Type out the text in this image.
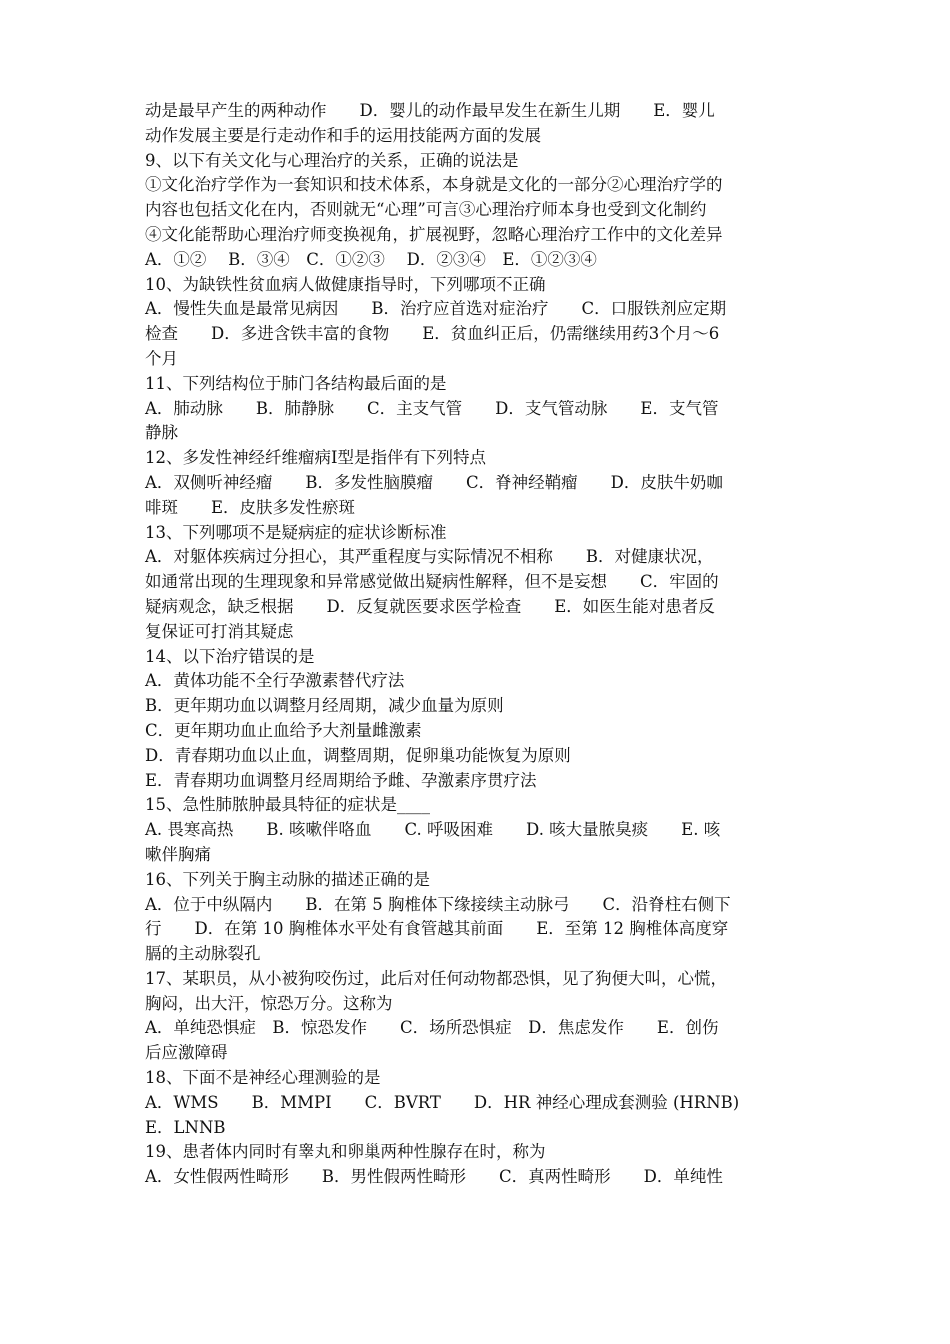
动是最早产生的两种动作　　D．婴儿的动作最早发生在新生儿期　　E．婴儿

动作发展主要是行走动作和手的运用技能两方面的发展

9、以下有关文化与心理治疗的关系，正确的说法是

①文化治疗学作为一套知识和技术体系，本身就是文化的一部分②心理治疗学的

内容也包括文化在内，否则就无“心理”可言③心理治疗师本身也受到文化制约

④文化能帮助心理治疗师变换视角，扩展视野，忽略心理治疗工作中的文化差异

A．①②　 B．③④　C．①②③　 D．②③④　E．①②③④

10、为缺铁性贫血病人做健康指导时，下列哪项不正确

A．慢性失血是最常见病因　　B．治疗应首选对症治疗　　C．口服铁剂应定期

检查　　D．多进含铁丰富的食物　　E．贫血纠正后，仍需继续用药3个月～6

个月

11、下列结构位于肺门各结构最后面的是

A．肺动脉　　B．肺静脉　　C．主支气管　　D．支气管动脉　　E．支气管

静脉

12、多发性神经纤维瘤病Ⅰ型是指伴有下列特点

A．双侧听神经瘤　　B．多发性脑膜瘤　　C．脊神经鞘瘤　　D．皮肤牛奶咖

啡斑　　E．皮肤多发性瘀斑

13、下列哪项不是疑病症的症状诊断标准

A．对躯体疾病过分担心，其严重程度与实际情况不相称　　B．对健康状况，

如通常出现的生理现象和异常感觉做出疑病性解释，但不是妄想　　C．牢固的

疑病观念，缺乏根据　　D．反复就医要求医学检查　　E．如医生能对患者反

复保证可打消其疑虑

14、以下治疗错误的是

A．黄体功能不全行孕激素替代疗法

B．更年期功血以调整月经周期，减少血量为原则

C．更年期功血止血给予大剂量雌激素

D．青春期功血以止血，调整周期，促卵巢功能恢复为原则

E．青春期功血调整月经周期给予雌、孕激素序贯疗法

15、急性肺脓肿最具特征的症状是____

A. 畏寒高热　　B. 咳嗽伴咯血　　C. 呼吸困难　　D. 咳大量脓臭痰　　E. 咳

嗽伴胸痛

16、下列关于胸主动脉的描述正确的是

A．位于中纵隔内　　B．在第 5 胸椎体下缘接续主动脉弓　　C．沿脊柱右侧下

行　　D．在第 10 胸椎体水平处有食管越其前面　　E．至第 12 胸椎体高度穿

膈的主动脉裂孔

17、某职员，从小被狗咬伤过，此后对任何动物都恐惧，见了狗便大叫，心慌，

胸闷，出大汗，惊恐万分。这称为

A．单纯恐惧症　B．惊恐发作　　C．场所恐惧症　D．焦虑发作　　E．创伤

后应激障碍

18、下面不是神经心理测验的是

A．WMS　　B．MMPI　　C．BVRT　　D．HR 神经心理成套测验 (HRNB)

E．LNNB

19、患者体内同时有睾丸和卵巢两种性腺存在时，称为

A．女性假两性畸形　　B．男性假两性畸形　　C．真两性畸形　　D．单纯性
